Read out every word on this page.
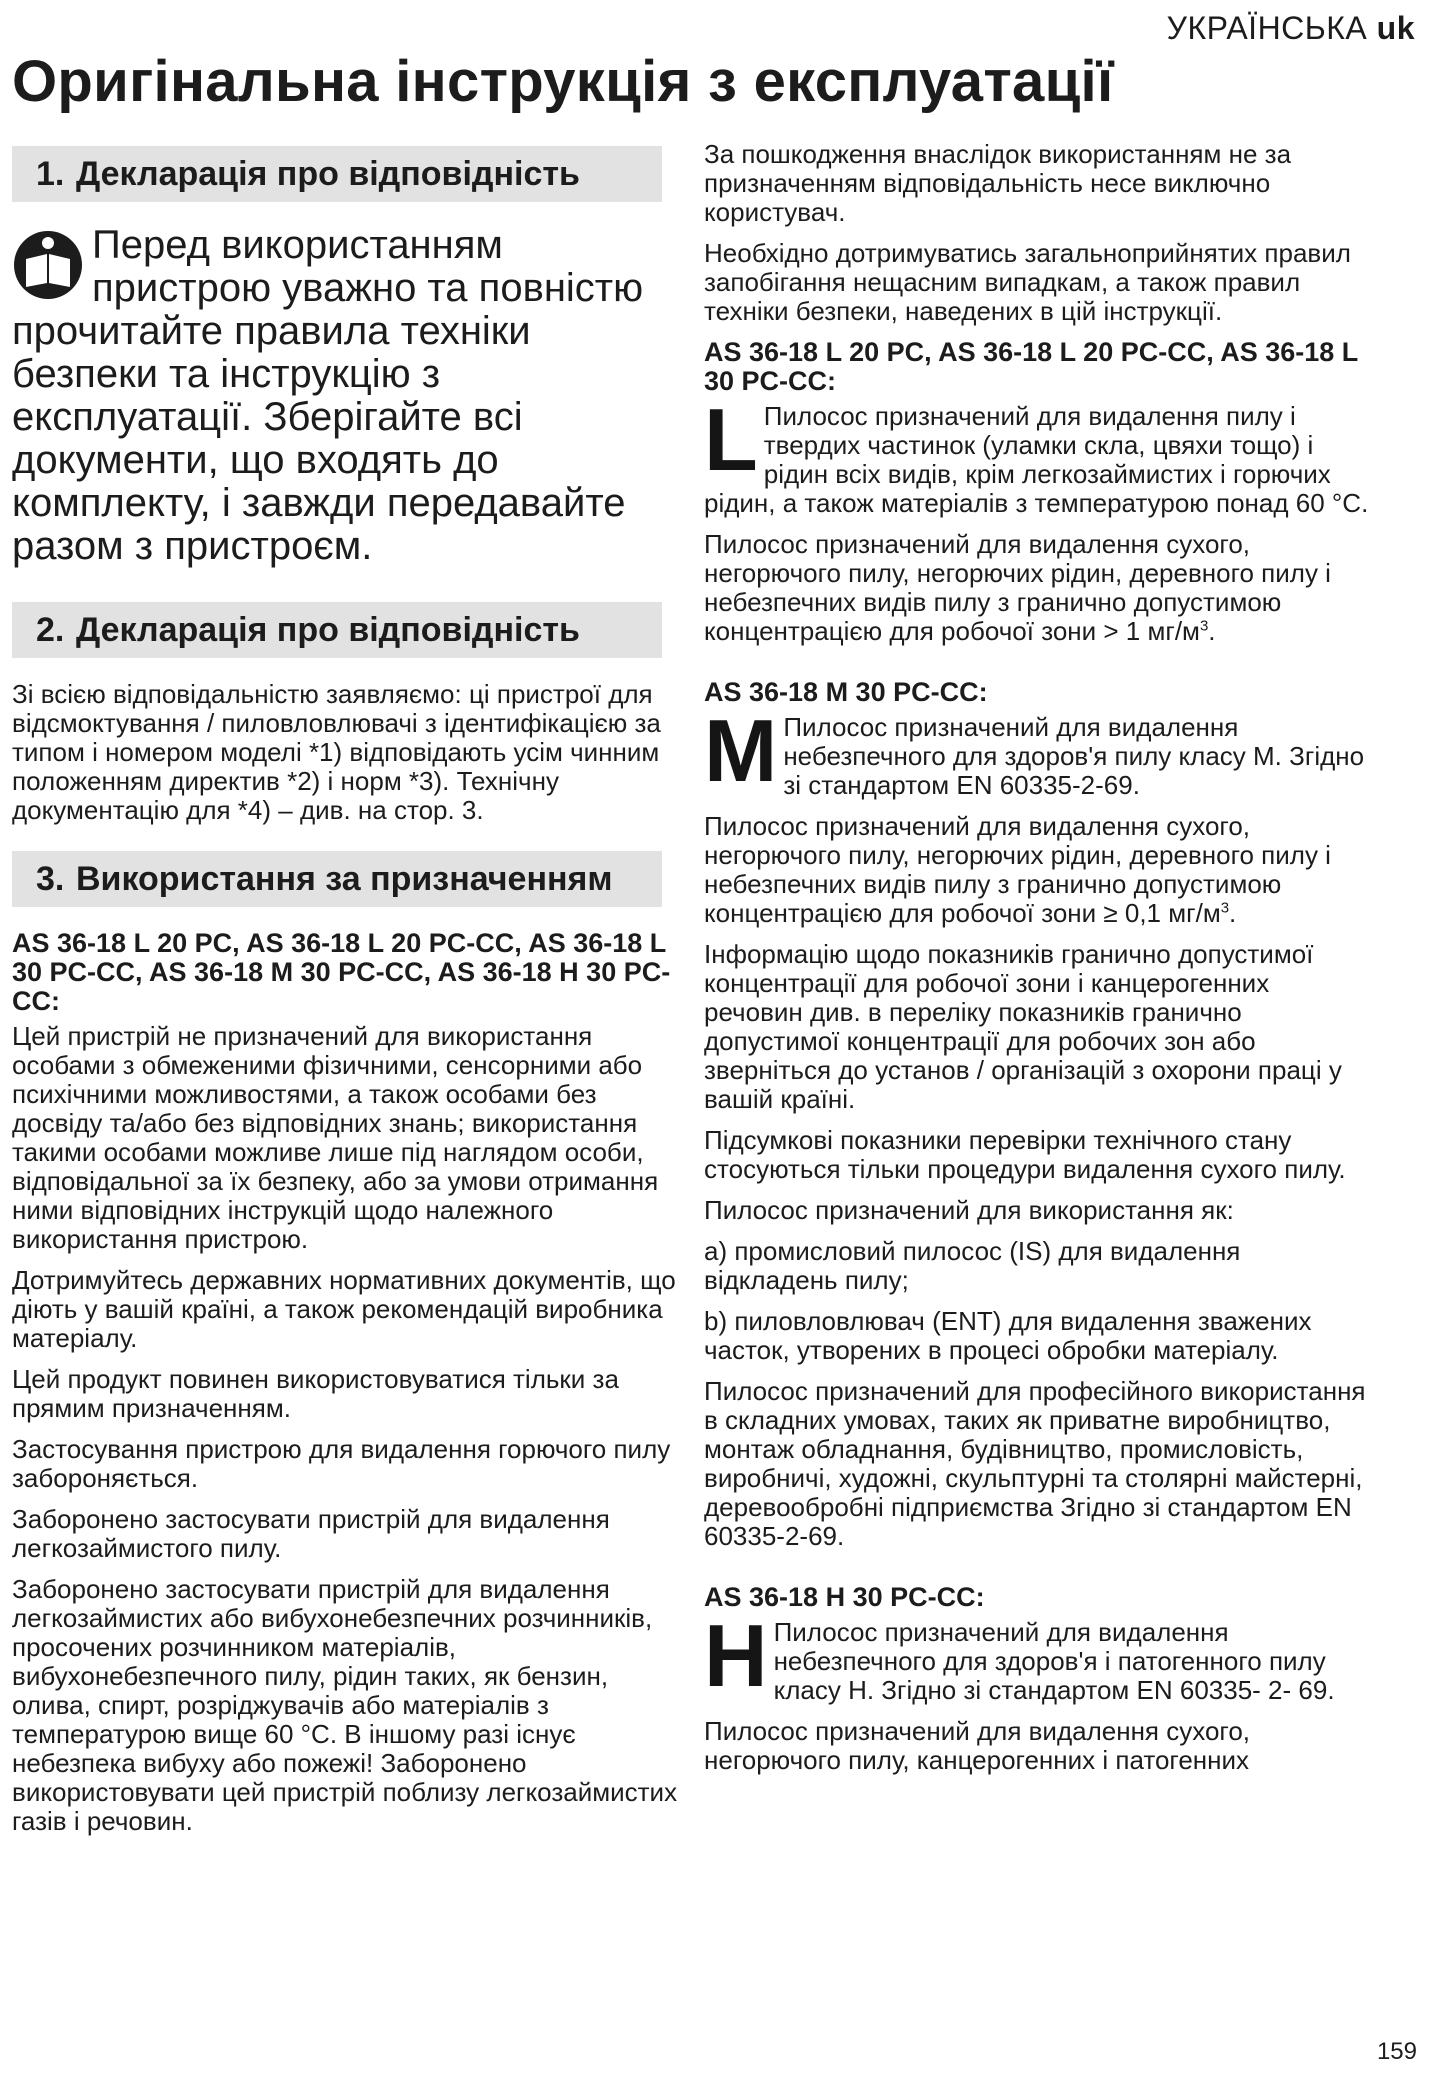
УКРАЇНСЬКА uk
Оригінальна інструкція з експлуатації
1. Декларація про відповідність
Перед використанням пристрою уважно та повністю прочитайте правила техніки безпеки та інструкцію з експлуатації. Зберігайте всі документи, що входять до комплекту, і завжди передавайте разом з пристроєм.
2. Декларація про відповідність

Зі всією відповідальністю заявляємо: ці пристрої для відсмоктування / пиловловлювачі з ідентифікацією за типом і номером моделі *1) відповідають усім чинним положенням директив *2) і норм *3). Технічну документацію для *4) – див. на стор. 3.

3. Використання за призначенням

AS 36-18 L 20 PC, AS 36-18 L 20 PC-CC, AS 36-18 L 30 PC-CC, AS 36-18 M 30 PC-CC, AS 36-18 H 30 PC-CC:

Цей пристрій не призначений для використання особами з обмеженими фізичними, сенсорними або психічними можливостями, а також особами без досвіду та/або без відповідних знань; використання такими особами можливе лише під наглядом особи, відповідальної за їх безпеку, або за умови отримання ними відповідних інструкцій щодо належного використання пристрою.

Дотримуйтесь державних нормативних документів, що діють у вашій країні, а також рекомендацій виробника матеріалу.

Цей продукт повинен використовуватися тільки за прямим призначенням.

Застосування пристрою для видалення горючого пилу забороняється.

Заборонено застосувати пристрій для видалення легкозаймистого пилу.

Заборонено застосувати пристрій для видалення легкозаймистих або вибухонебезпечних розчинників, просочених розчинником матеріалів, вибухонебезпечного пилу, рідин таких, як бензин, олива, спирт, розріджувачів або матеріалів з температурою вище 60 °C. В іншому разі існує небезпека вибуху або пожежі! Заборонено використовувати цей пристрій поблизу легкозаймистих газів і речовин.

За пошкодження внаслідок використанням не за призначенням відповідальність несе виключно користувач.

Необхідно дотримуватись загальноприйнятих правил запобігання нещасним випадкам, а також правил техніки безпеки, наведених в цій інструкції.

AS 36-18 L 20 PC, AS 36-18 L 20 PC-CC, AS 36-18 L 30 PC-CC:

L Пилосос призначений для видалення пилу і твердих частинок (уламки скла, цвяхи тощо) і рідин всіх видів, крім легкозаймистих і горючих рідин, а також матеріалів з температурою понад 60 °C.

Пилосос призначений для видалення сухого, негорючого пилу, негорючих рідин, деревного пилу і небезпечних видів пилу з гранично допустимою концентрацією для робочої зони > 1 $мг/м^3$.

AS 36-18 M 30 PC-CC:

M Пилосос призначений для видалення небезпечного для здоров'я пилу класу M. Згідно зі стандартом EN 60335-2-69.

Пилосос призначений для видалення сухого, негорючого пилу, негорючих рідин, деревного пилу і небезпечних видів пилу з гранично допустимою концентрацією для робочої зони ≥ 0,1 $мг/м^3$.

Інформацію щодо показників гранично допустимої концентрації для робочої зони і канцерогенних речовин див. в переліку показників гранично допустимої концентрації для робочих зон або зверніться до установ / організацій з охорони праці у вашій країні.

Підсумкові показники перевірки технічного стану стосуються тільки процедури видалення сухого пилу.

Пилосос призначений для використання як:

a) промисловий пилосос (IS) для видалення відкладень пилу;

b) пиловловлювач (ENT) для видалення зважених часток, утворених в процесі обробки матеріалу.

Пилосос призначений для професійного використання в складних умовах, таких як приватне виробництво, монтаж обладнання, будівництво, промисловість, виробничі, художні, скульптурні та столярні майстерні, деревообробні підприємства Згідно зі стандартом EN 60335-2-69.

AS 36-18 H 30 PC-CC:

H Пилосос призначений для видалення небезпечного для здоров'я і патогенного пилу класу H. Згідно зі стандартом EN 60335- 2- 69.

Пилосос призначений для видалення сухого, негорючого пилу, канцерогенних і патогенних

159
